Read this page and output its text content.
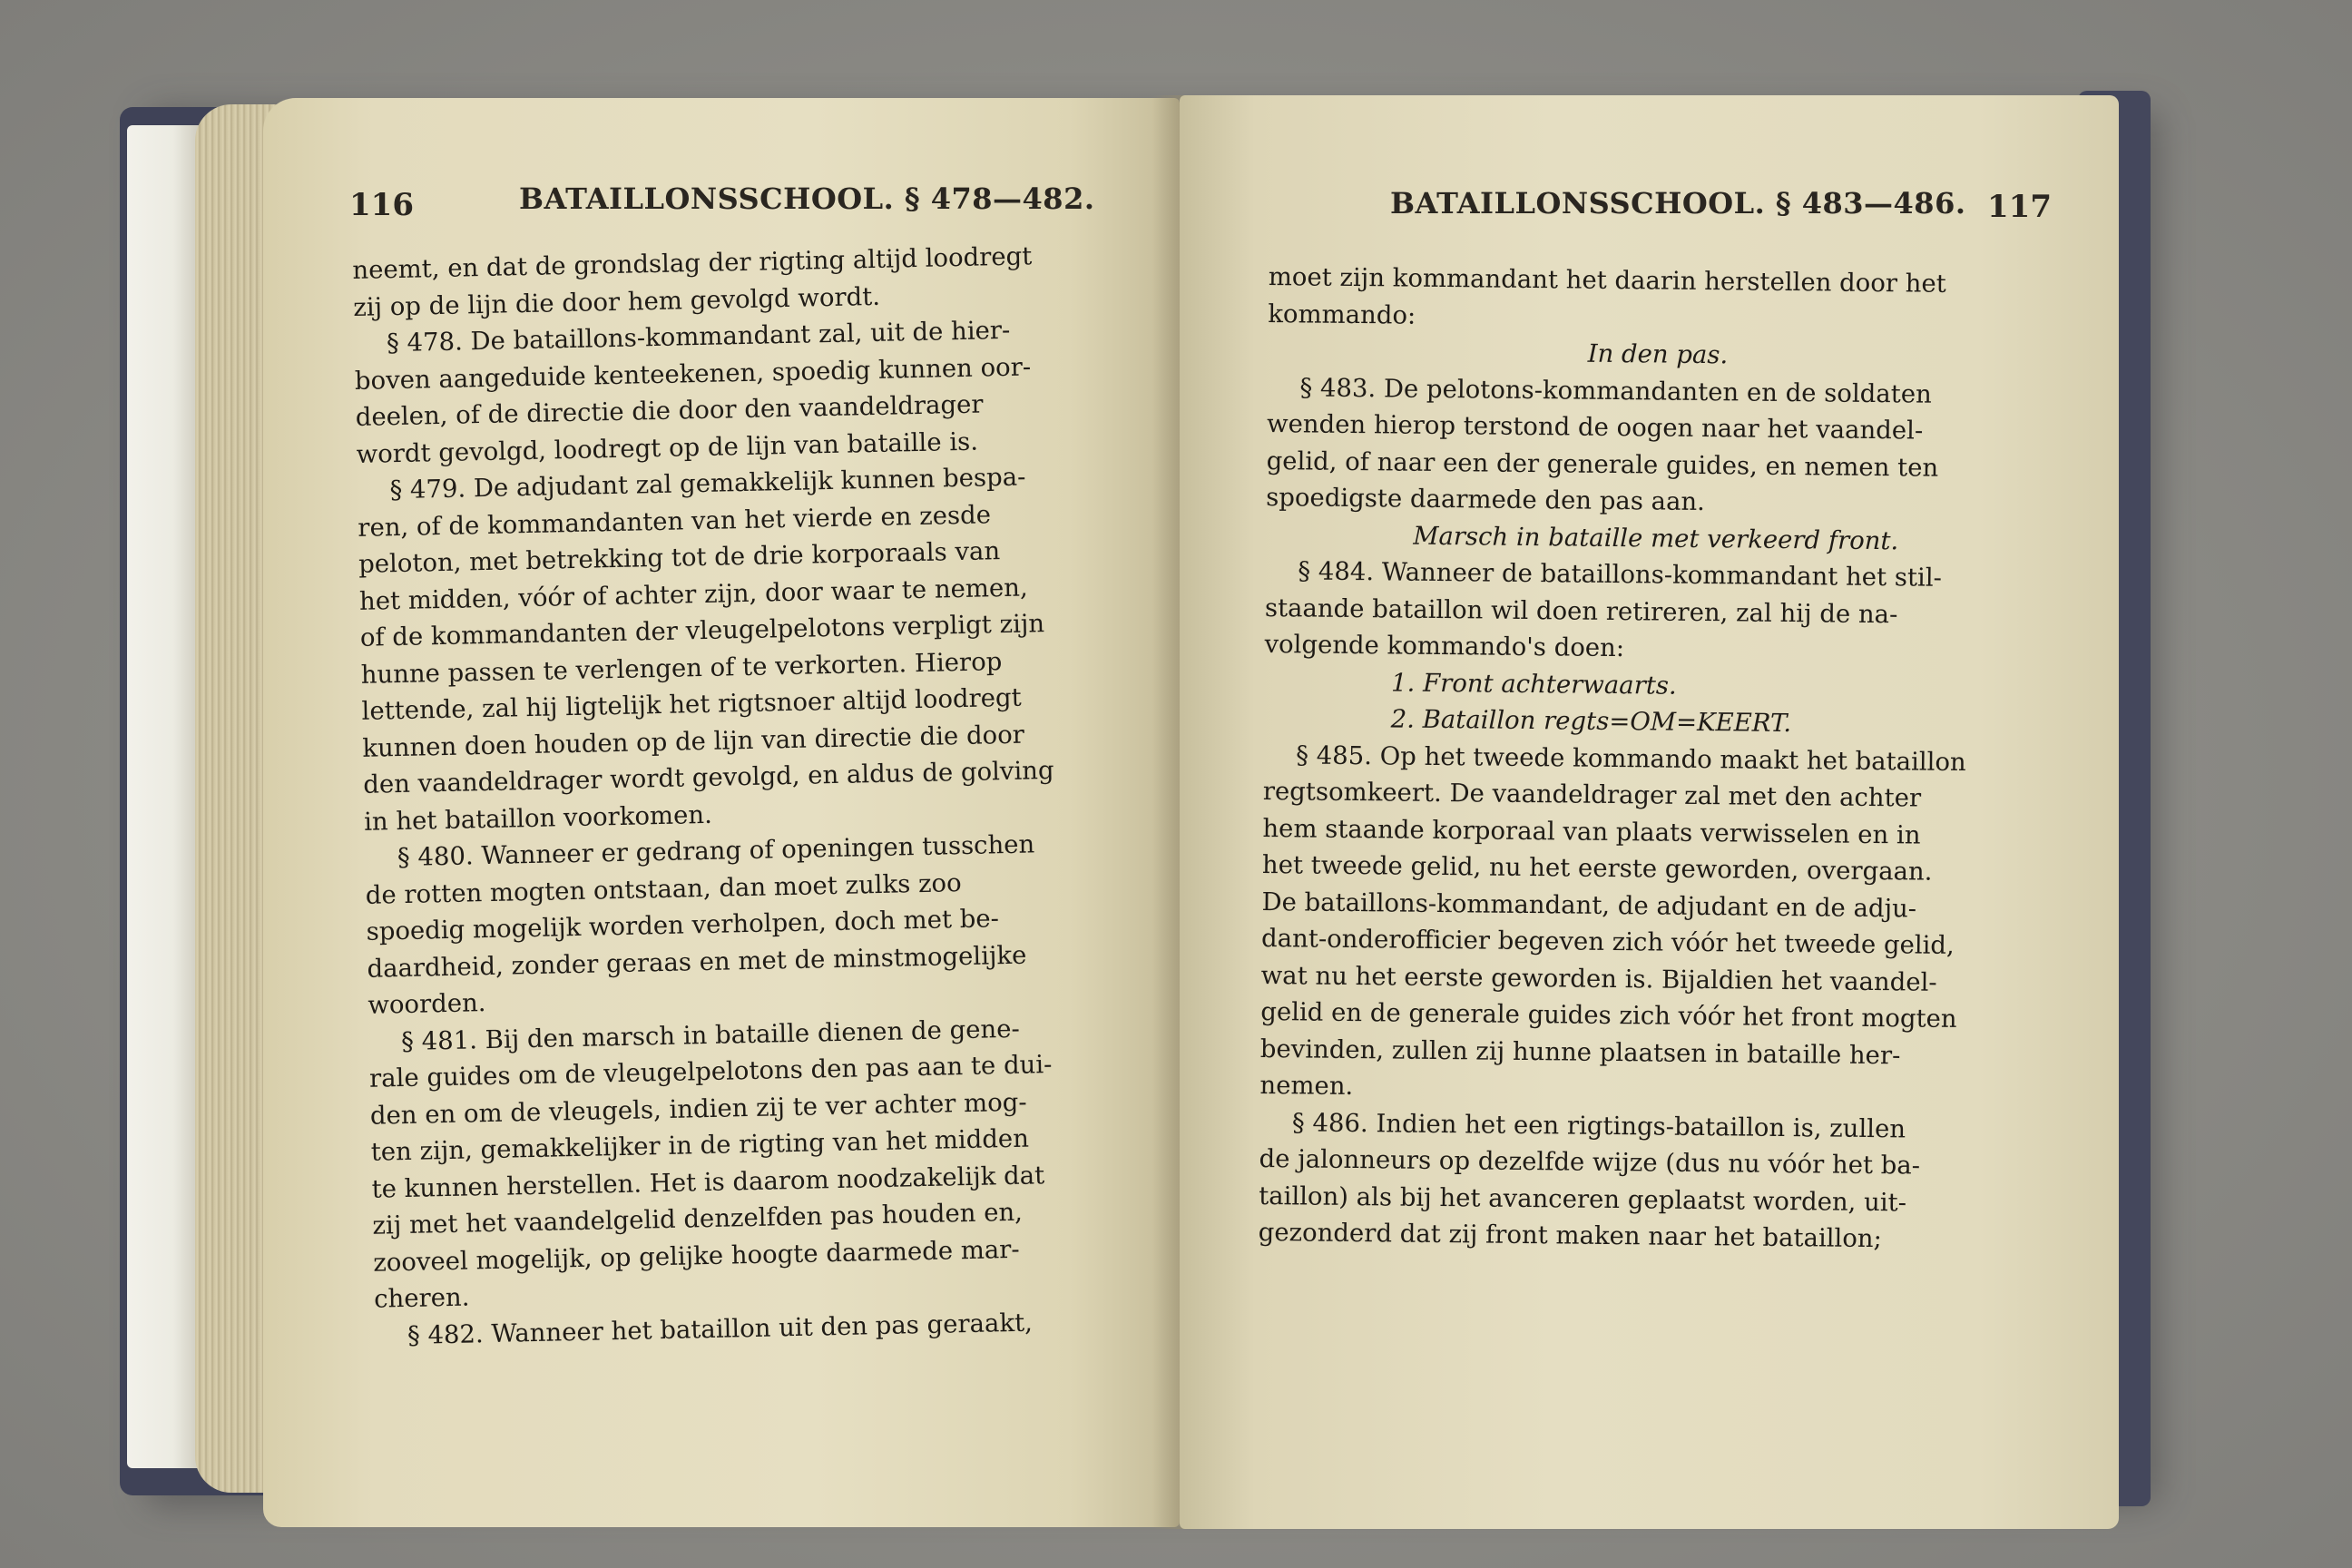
116	BATAILLONSSCHOOL. § 478—482.
neemt, en dat de grondslag der rigting altijd loodregt
zij op de lijn die door hem gevolgd wordt.
§ 478. De bataillons-kommandant zal, uit de hier-
boven aangeduide kenteekenen, spoedig kunnen oor-
deelen, of de directie die door den vaandeldrager
wordt gevolgd, loodregt op de lijn van bataille is.
§ 479. De adjudant zal gemakkelijk kunnen bespa-
ren, of de kommandanten van het vierde en zesde
peloton, met betrekking tot de drie korporaals van
het midden, vóór of achter zijn, door waar te nemen,
of de kommandanten der vleugelpelotons verpligt zijn
hunne passen te verlengen of te verkorten. Hierop
lettende, zal hij ligtelijk het rigtsnoer altijd loodregt
kunnen doen houden op de lijn van directie die door
den vaandeldrager wordt gevolgd, en aldus de golving
in het bataillon voorkomen.
§ 480. Wanneer er gedrang of openingen tusschen
de rotten mogten ontstaan, dan moet zulks zoo
spoedig mogelijk worden verholpen, doch met be-
daardheid, zonder geraas en met de minstmogelijke
woorden.
§ 481. Bij den marsch in bataille dienen de gene-
rale guides om de vleugelpelotons den pas aan te dui-
den en om de vleugels, indien zij te ver achter mog-
ten zijn, gemakkelijker in de rigting van het midden
te kunnen herstellen. Het is daarom noodzakelijk dat
zij met het vaandelgelid denzelfden pas houden en,
zooveel mogelijk, op gelijke hoogte daarmede mar-
cheren.
§ 482. Wanneer het bataillon uit den pas geraakt,
BATAILLONSSCHOOL. § 483—486. 117
moet zijn kommandant het daarin herstellen door het
kommando:
In den pas.
§ 483. De pelotons-kommandanten en de soldaten
wenden hierop terstond de oogen naar het vaandel-
gelid, of naar een der generale guides, en nemen ten
spoedigste daarmede den pas aan.
Marsch in bataille met verkeerd front.
§ 484. Wanneer de bataillons-kommandant het stil-
staande bataillon wil doen retireren, zal hij de na-
volgende kommando's doen:
1. Front achterwaarts.
2. Bataillon regts=OM=KEERT.
§ 485. Op het tweede kommando maakt het bataillon
regtsomkeert. De vaandeldrager zal met den achter
hem staande korporaal van plaats verwisselen en in
het tweede gelid, nu het eerste geworden, overgaan.
De bataillons-kommandant, de adjudant en de adju-
dant-onderofficier begeven zich vóór het tweede gelid,
wat nu het eerste geworden is. Bijaldien het vaandel-
gelid en de generale guides zich vóór het front mogten
bevinden, zullen zij hunne plaatsen in bataille her-
nemen.
§ 486. Indien het een rigtings-bataillon is, zullen
de jalonneurs op dezelfde wijze (dus nu vóór het ba-
taillon) als bij het avanceren geplaatst worden, uit-
gezonderd dat zij front maken naar het bataillon;
